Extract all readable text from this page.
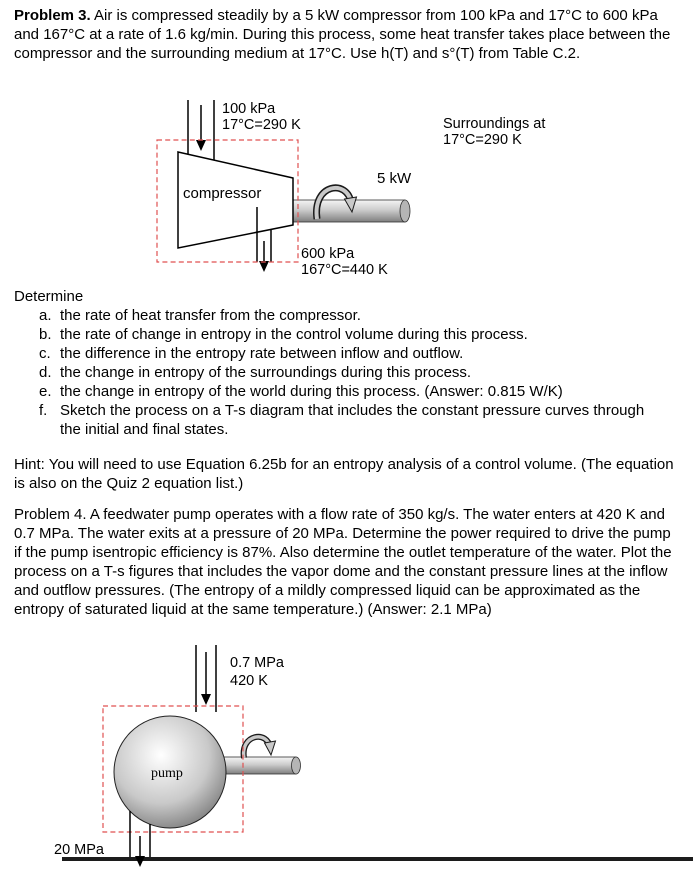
Problem 3. Air is compressed steadily by a 5 kW compressor from 100 kPa and 17°C to 600 kPa and 167°C at a rate of 1.6 kg/min. During this process, some heat transfer takes place between the compressor and the surrounding medium at 17°C. Use h(T) and s°(T) from Table C.2.

100 kPa
17°C=290 K	Surroundings at
17°C=290 K
5 kW
compressor
600 kPa
167°C=440 K
Determine
a. the rate of heat transfer from the compressor.
b. the rate of change in entropy in the control volume during this process.
c. the difference in the entropy rate between inflow and outflow.
d. the change in entropy of the surroundings during this process.
e. the change in entropy of the world during this process. (Answer: 0.815 W/K)
f. Sketch the process on a T-s diagram that includes the constant pressure curves through the initial and final states.

Hint: You will need to use Equation 6.25b for an entropy analysis of a control volume. (The equation is also on the Quiz 2 equation list.)

Problem 4. A feedwater pump operates with a flow rate of 350 kg/s. The water enters at 420 K and 0.7 MPa. The water exits at a pressure of 20 MPa. Determine the power required to drive the pump if the pump isentropic efficiency is 87%. Also determine the outlet temperature of the water. Plot the process on a T-s figures that includes the vapor dome and the constant pressure lines at the inflow and outflow pressures. (The entropy of a mildly compressed liquid can be approximated as the entropy of saturated liquid at the same temperature.) (Answer: 2.1 MPa)

0.7 MPa
420 K
pump
20 MPa
